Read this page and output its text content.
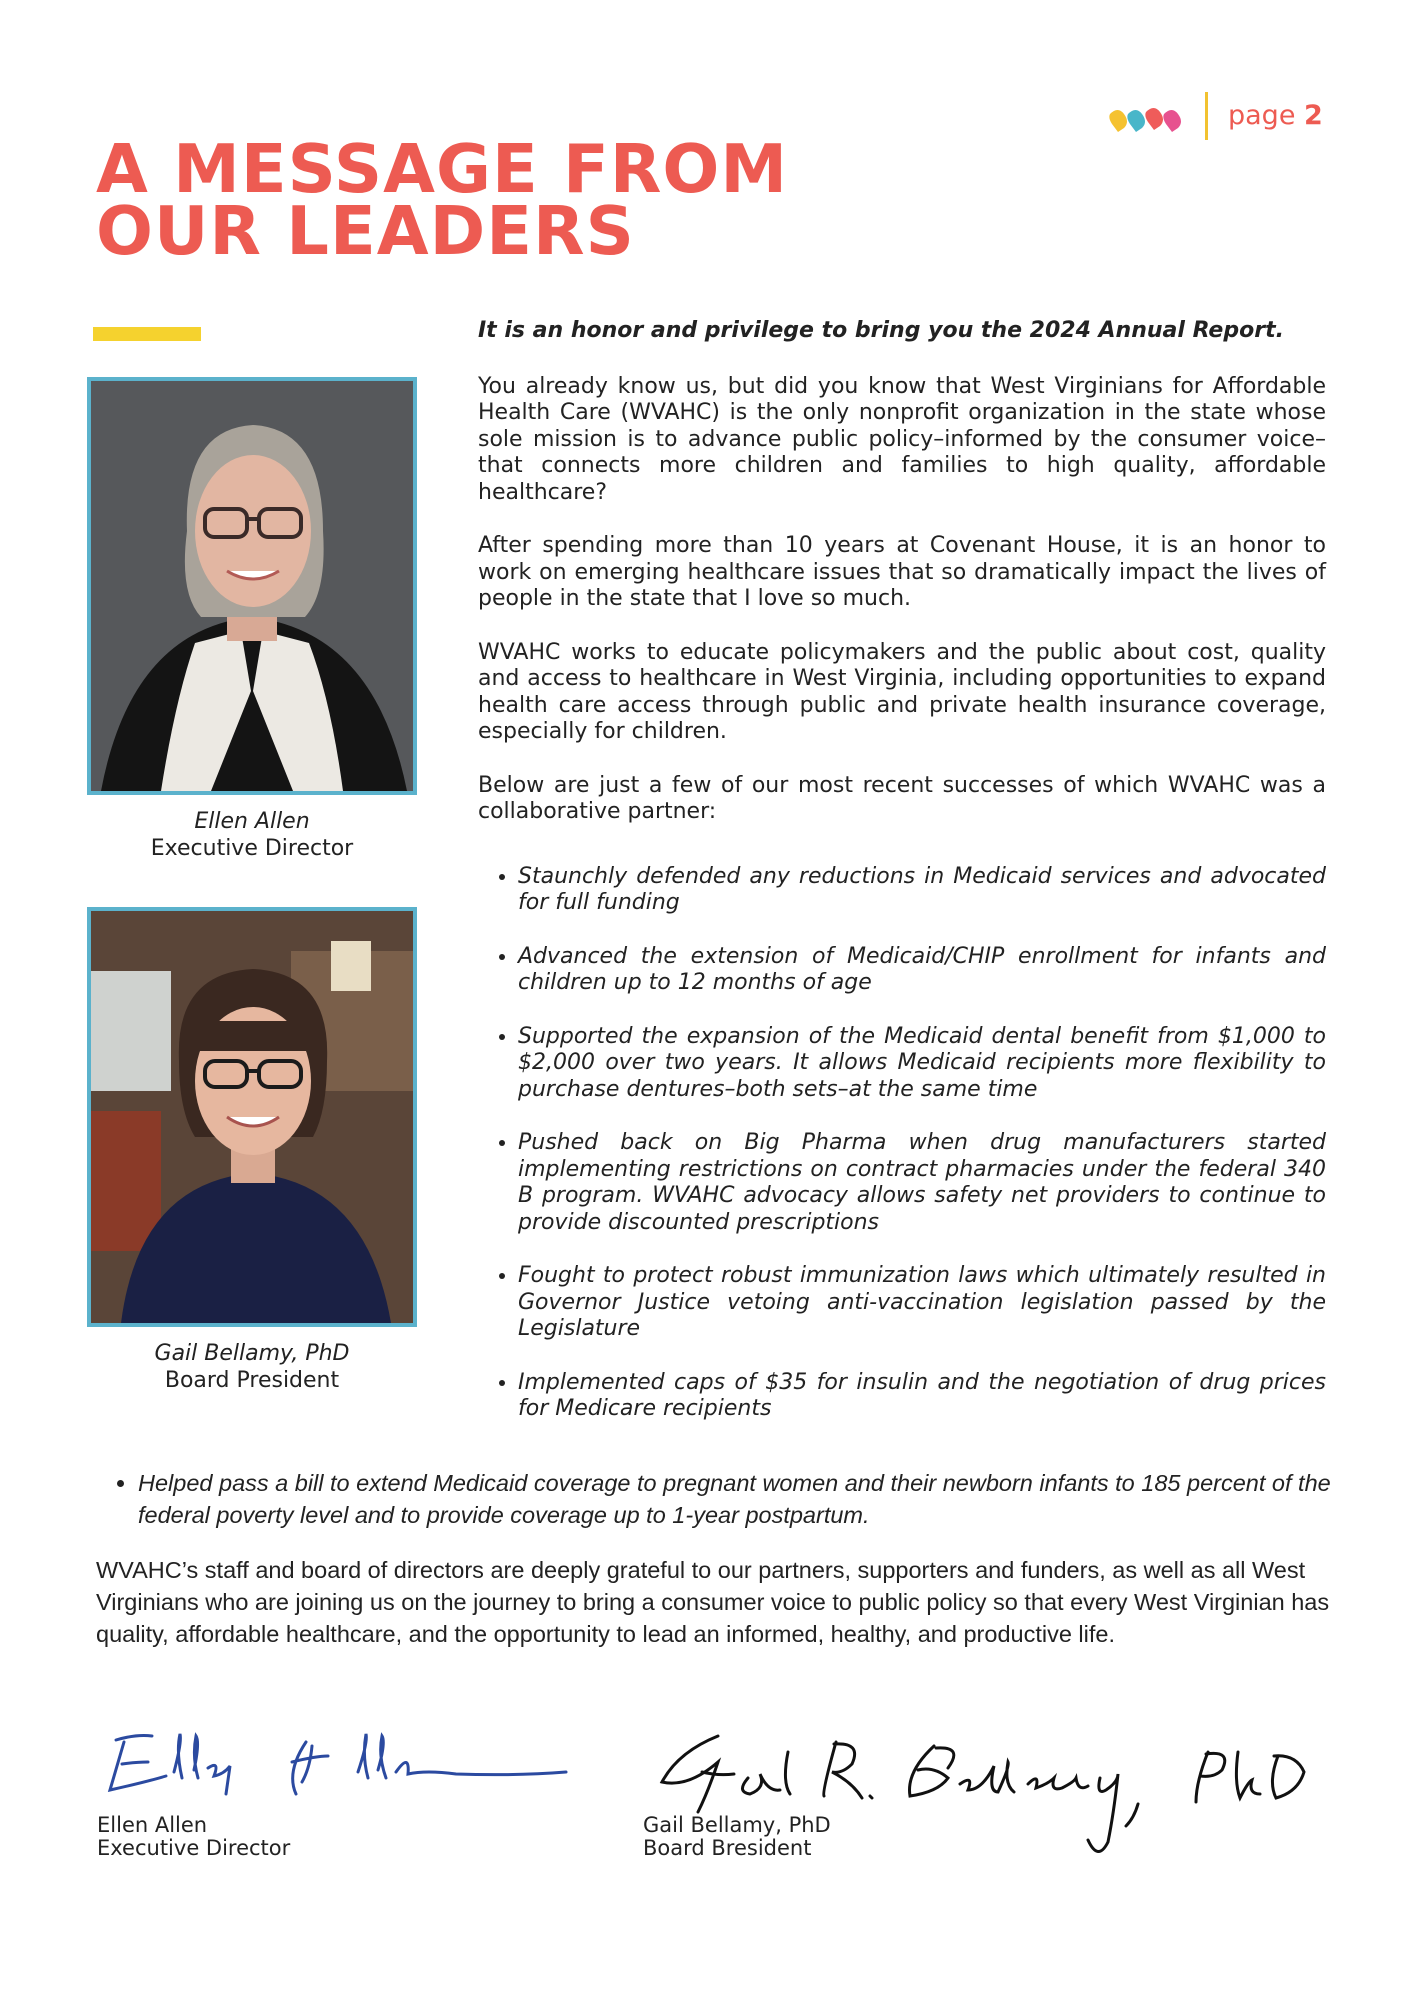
page 2
A MESSAGE FROM
OUR LEADERS
Ellen Allen
Executive Director
Gail Bellamy, PhD
Board President

It is an honor and privilege to bring you the 2024 Annual Report.

You already know us, but did you know that West Virginians for Affordable Health Care (WVAHC) is the only nonprofit organization in the state whose sole mission is to advance public policy–informed by the consumer voice–that connects more children and families to high quality, affordable healthcare?

After spending more than 10 years at Covenant House, it is an honor to work on emerging healthcare issues that so dramatically impact the lives of people in the state that I love so much.

WVAHC works to educate policymakers and the public about cost, quality and access to healthcare in West Virginia, including opportunities to expand health care access through public and private health insurance coverage, especially for children.

Below are just a few of our most recent successes of which WVAHC was a collaborative partner:

• Staunchly defended any reductions in Medicaid services and advocated for full funding
• Advanced the extension of Medicaid/CHIP enrollment for infants and children up to 12 months of age
• Supported the expansion of the Medicaid dental benefit from $1,000 to $2,000 over two years. It allows Medicaid recipients more flexibility to purchase dentures–both sets–at the same time
• Pushed back on Big Pharma when drug manufacturers started implementing restrictions on contract pharmacies under the federal 340 B program. WVAHC advocacy allows safety net providers to continue to provide discounted prescriptions
• Fought to protect robust immunization laws which ultimately resulted in Governor Justice vetoing anti-vaccination legislation passed by the Legislature
• Implemented caps of $35 for insulin and the negotiation of drug prices for Medicare recipients
• Helped pass a bill to extend Medicaid coverage to pregnant women and their newborn infants to 185 percent of the federal poverty level and to provide coverage up to 1-year postpartum.

WVAHC’s staff and board of directors are deeply grateful to our partners, supporters and funders, as well as all West Virginians who are joining us on the journey to bring a consumer voice to public policy so that every West Virginian has quality, affordable healthcare, and the opportunity to lead an informed, healthy, and productive life.

Ellen Allen
Executive Director
Gail Bellamy, PhD
Board Bresident
